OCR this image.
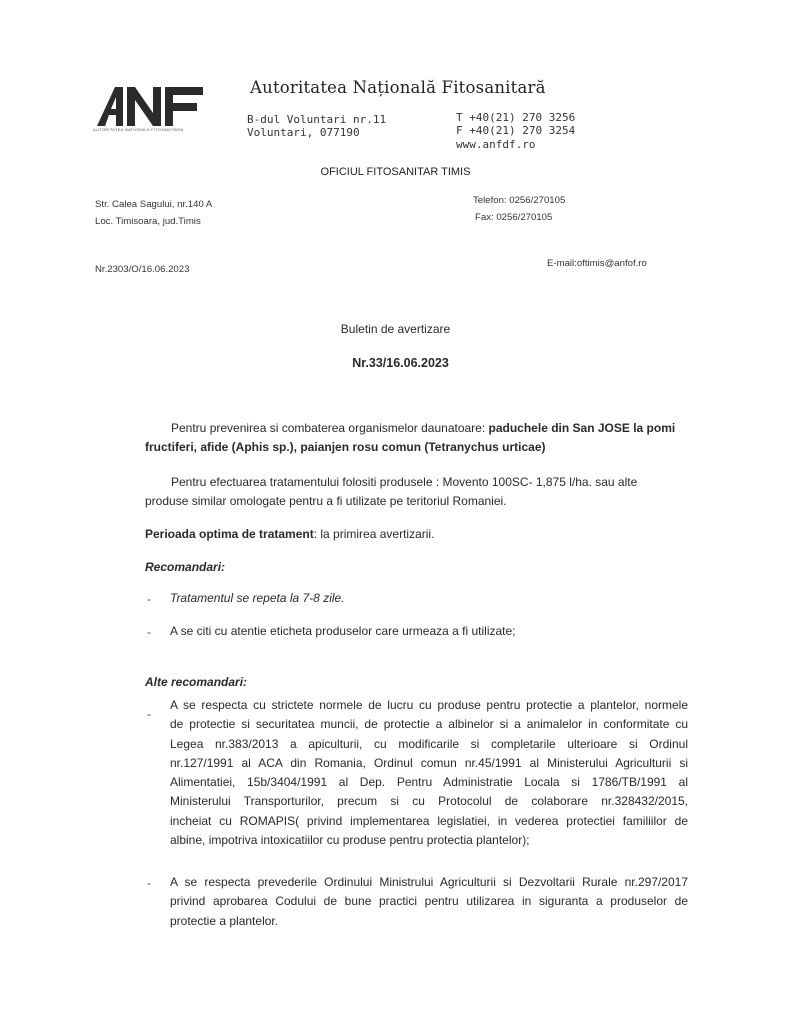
AUTORITATEA NATIONALA FITOSANITARA
Autoritatea Națională Fitosanitară
B-dul Voluntari nr.11
Voluntari, 077190
T +40(21) 270 3256
F +40(21) 270 3254
www.anfdf.ro
OFICIUL FITOSANITAR TIMIS
Str. Calea Sagului, nr.140 A
Loc. Timisoara, jud.Timis
Telefon: 0256/270105
Fax: 0256/270105
Nr.2303/O/16.06.2023
E-mail:oftimis@anfof.ro
Buletin de avertizare
Nr.33/16.06.2023
Pentru prevenirea si combaterea organismelor daunatoare: paduchele din San JOSE la pomi
fructiferi, afide (Aphis sp.), paianjen rosu comun (Tetranychus urticae)
Pentru efectuarea tratamentului folositi produsele : Movento 100SC- 1,875 l/ha. sau alte
produse similar omologate pentru a fi utilizate pe teritoriul Romaniei.
Perioada optima de tratament: la primirea avertizarii.
Recomandari:
- Tratamentul se repeta la 7-8 zile.
- A se citi cu atentie eticheta produselor care urmeaza a fi utilizate;
Alte recomandari:
-
A se respecta cu strictete normele de lucru cu produse pentru protectie a plantelor, normele
de protectie si securitatea muncii, de protectie a albinelor si a animalelor in conformitate cu
Legea nr.383/2013 a apiculturii, cu modificarile si completarile ulterioare si Ordinul
nr.127/1991 al ACA din Romania, Ordinul comun nr.45/1991 al Ministerului Agriculturii si
Alimentatiei, 15b/3404/1991 al Dep. Pentru Administratie Locala si 1786/TB/1991 al
Ministerului Transporturilor, precum si cu Protocolul de colaborare nr.328432/2015,
incheiat cu ROMAPIS( privind implementarea legislatiei, in vederea protectiei familiilor de
albine, impotriva intoxicatiilor cu produse pentru protectia plantelor);
- A se respecta prevederile Ordinului Ministrului Agriculturii si Dezvoltarii Rurale nr.297/2017
privind aprobarea Codului de bune practici pentru utilizarea in siguranta a produselor de
protectie a plantelor.
